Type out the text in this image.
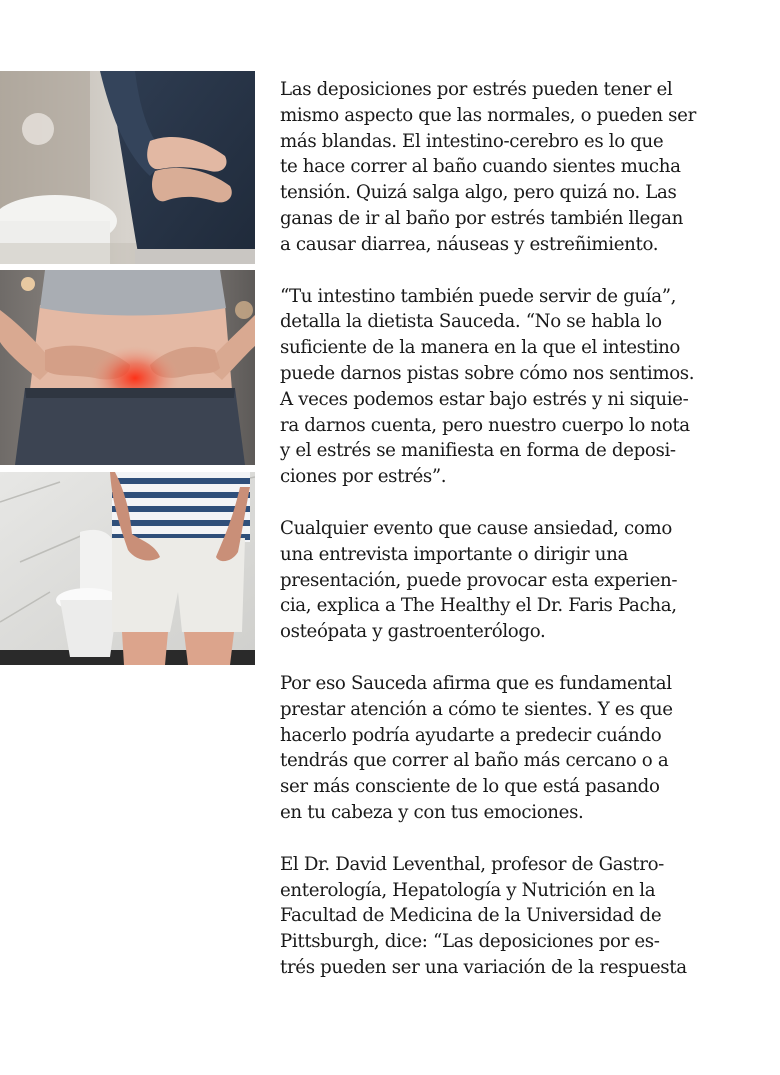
Las deposiciones por estrés pueden tener el
mismo aspecto que las normales, o pueden ser
más blandas. El intestino-cerebro es lo que
te hace correr al baño cuando sientes mucha
tensión. Quizá salga algo, pero quizá no. Las
ganas de ir al baño por estrés también llegan
a causar diarrea, náuseas y estreñimiento.

“Tu intestino también puede servir de guía”,
detalla la dietista Sauceda. “No se habla lo
suficiente de la manera en la que el intestino
puede darnos pistas sobre cómo nos sentimos.
A veces podemos estar bajo estrés y ni siquie-
ra darnos cuenta, pero nuestro cuerpo lo nota
y el estrés se manifiesta en forma de deposi-
ciones por estrés”.

Cualquier evento que cause ansiedad, como
una entrevista importante o dirigir una
presentación, puede provocar esta experien-
cia, explica a The Healthy el Dr. Faris Pacha,
osteópata y gastroenterólogo.

Por eso Sauceda afirma que es fundamental
prestar atención a cómo te sientes. Y es que
hacerlo podría ayudarte a predecir cuándo
tendrás que correr al baño más cercano o a
ser más consciente de lo que está pasando
en tu cabeza y con tus emociones.

El Dr. David Leventhal, profesor de Gastro-
enterología, Hepatología y Nutrición en la
Facultad de Medicina de la Universidad de
Pittsburgh, dice: “Las deposiciones por es-
trés pueden ser una variación de la respuesta
